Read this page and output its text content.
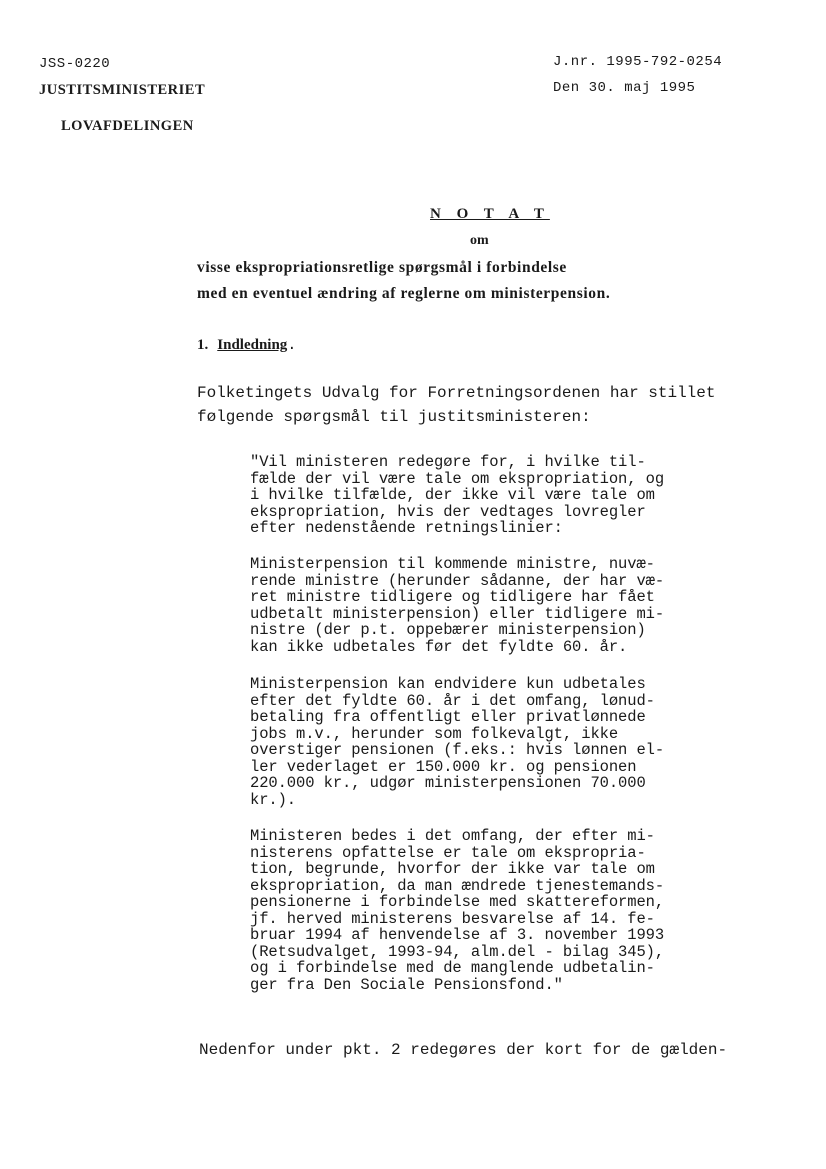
JSS-0220
JUSTITSMINISTERIET
LOVAFDELINGEN
J.nr. 1995-792-0254
Den 30. maj 1995
N O T A T
om
visse ekspropriationsretlige spørgsmål i forbindelse
med en eventuel ændring af reglerne om ministerpension.
1. Indledning.
Folketingets Udvalg for Forretningsordenen har stillet
følgende spørgsmål til justitsministeren:
"Vil ministeren redegøre for, i hvilke til-
fælde der vil være tale om ekspropriation, og
i hvilke tilfælde, der ikke vil være tale om
ekspropriation, hvis der vedtages lovregler
efter nedenstående retningslinier:
Ministerpension til kommende ministre, nuvæ-
rende ministre (herunder sådanne, der har væ-
ret ministre tidligere og tidligere har fået
udbetalt ministerpension) eller tidligere mi-
nistre (der p.t. oppebærer ministerpension)
kan ikke udbetales før det fyldte 60. år.
Ministerpension kan endvidere kun udbetales
efter det fyldte 60. år i det omfang, lønud-
betaling fra offentligt eller privatlønnede
jobs m.v., herunder som folkevalgt, ikke
overstiger pensionen (f.eks.: hvis lønnen el-
ler vederlaget er 150.000 kr. og pensionen
220.000 kr., udgør ministerpensionen 70.000
kr.).
Ministeren bedes i det omfang, der efter mi-
nisterens opfattelse er tale om ekspropria-
tion, begrunde, hvorfor der ikke var tale om
ekspropriation, da man ændrede tjenestemands-
pensionerne i forbindelse med skattereformen,
jf. herved ministerens besvarelse af 14. fe-
bruar 1994 af henvendelse af 3. november 1993
(Retsudvalget, 1993-94, alm.del - bilag 345),
og i forbindelse med de manglende udbetalin-
ger fra Den Sociale Pensionsfond."
Nedenfor under pkt. 2 redegøres der kort for de gælden-
